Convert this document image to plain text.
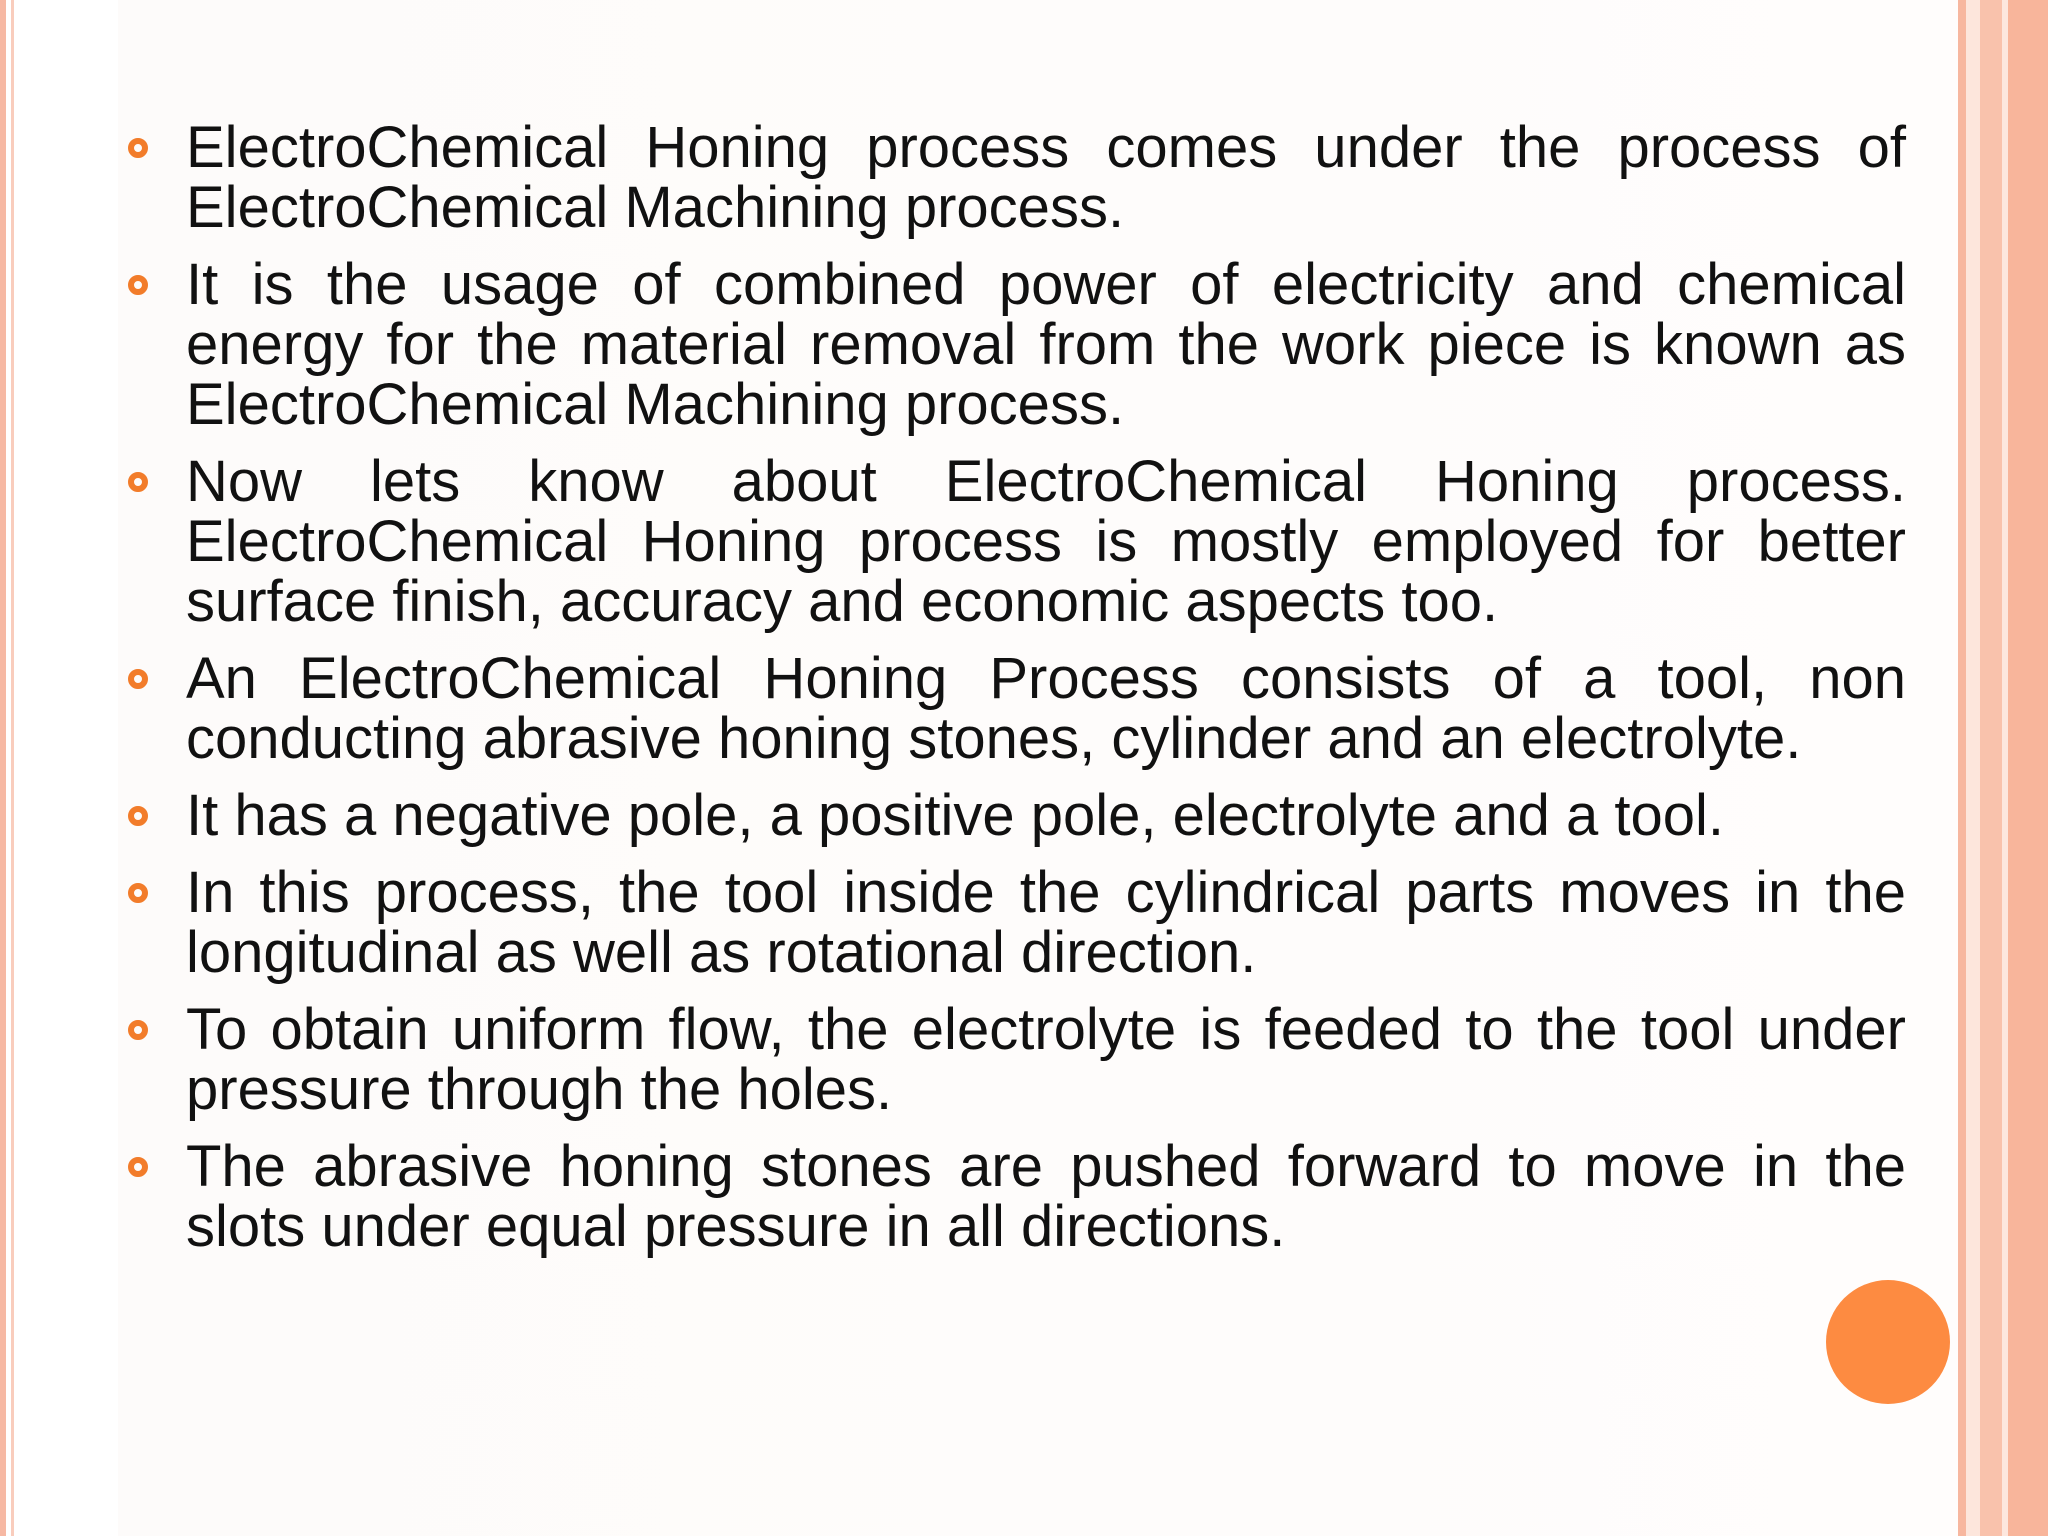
ElectroChemical Honing process comes under the process of ElectroChemical Machining process.
It is the usage of combined power of electricity and chemical energy for the material removal from the work piece is known as ElectroChemical Machining process.
Now lets know about ElectroChemical Honing process. ElectroChemical Honing process is mostly employed for better surface finish, accuracy and economic aspects too.
An ElectroChemical Honing Process consists of a tool, non conducting abrasive honing stones, cylinder and an electrolyte.
It has a negative pole, a positive pole, electrolyte and a tool.
In this process, the tool inside the cylindrical parts moves in the longitudinal as well as rotational direction.
To obtain uniform flow, the electrolyte is feeded to the tool under pressure through the holes.
The abrasive honing stones are pushed forward to move in the slots under equal pressure in all directions.
